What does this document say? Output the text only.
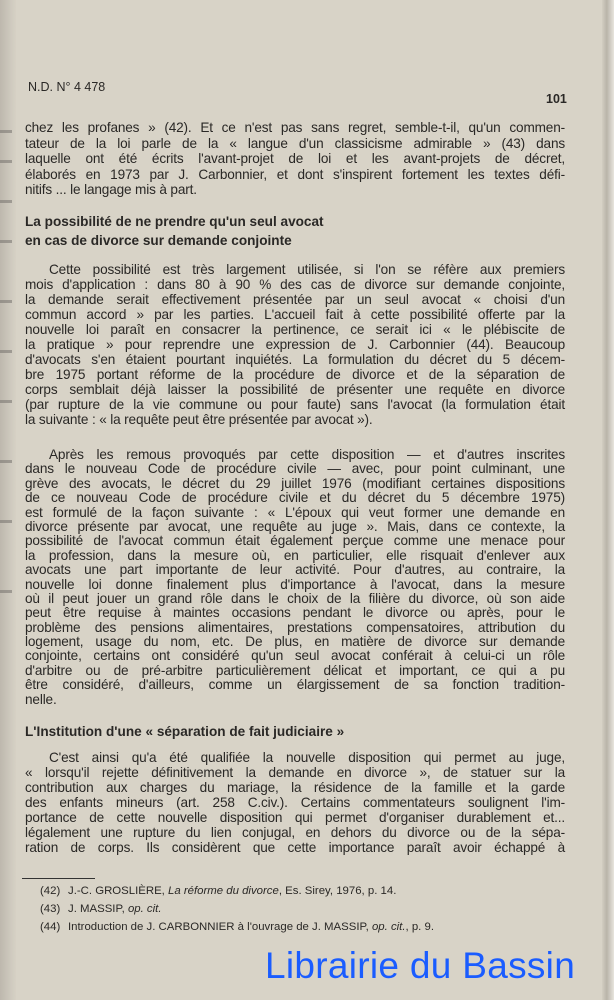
N.D. N° 4 478
101
chez les profanes » (42). Et ce n'est pas sans regret, semble-t-il, qu'un commen-
tateur de la loi parle de la « langue d'un classicisme admirable » (43) dans
laquelle ont été écrits l'avant-projet de loi et les avant-projets de décret,
élaborés en 1973 par J. Carbonnier, et dont s'inspirent fortement les textes défi-
nitifs ... le langage mis à part.
La possibilité de ne prendre qu'un seul avocat
en cas de divorce sur demande conjointe
Cette possibilité est très largement utilisée, si l'on se réfère aux premiers
mois d'application : dans 80 à 90 % des cas de divorce sur demande conjointe,
la demande serait effectivement présentée par un seul avocat « choisi d'un
commun accord » par les parties. L'accueil fait à cette possibilité offerte par la
nouvelle loi paraît en consacrer la pertinence, ce serait ici « le plébiscite de
la pratique » pour reprendre une expression de J. Carbonnier (44). Beaucoup
d'avocats s'en étaient pourtant inquiétés. La formulation du décret du 5 décem-
bre 1975 portant réforme de la procédure de divorce et de la séparation de
corps semblait déjà laisser la possibilité de présenter une requête en divorce
(par rupture de la vie commune ou pour faute) sans l'avocat (la formulation était
la suivante : « la requête peut être présentée par avocat »).
Après les remous provoqués par cette disposition — et d'autres inscrites
dans le nouveau Code de procédure civile — avec, pour point culminant, une
grève des avocats, le décret du 29 juillet 1976 (modifiant certaines dispositions
de ce nouveau Code de procédure civile et du décret du 5 décembre 1975)
est formulé de la façon suivante : « L'époux qui veut former une demande en
divorce présente par avocat, une requête au juge ». Mais, dans ce contexte, la
possibilité de l'avocat commun était également perçue comme une menace pour
la profession, dans la mesure où, en particulier, elle risquait d'enlever aux
avocats une part importante de leur activité. Pour d'autres, au contraire, la
nouvelle loi donne finalement plus d'importance à l'avocat, dans la mesure
où il peut jouer un grand rôle dans le choix de la filière du divorce, où son aide
peut être requise à maintes occasions pendant le divorce ou après, pour le
problème des pensions alimentaires, prestations compensatoires, attribution du
logement, usage du nom, etc. De plus, en matière de divorce sur demande
conjointe, certains ont considéré qu'un seul avocat conférait à celui-ci un rôle
d'arbitre ou de pré-arbitre particulièrement délicat et important, ce qui a pu
être considéré, d'ailleurs, comme un élargissement de sa fonction tradition-
nelle.
L'Institution d'une « séparation de fait judiciaire »
C'est ainsi qu'a été qualifiée la nouvelle disposition qui permet au juge,
« lorsqu'il rejette définitivement la demande en divorce », de statuer sur la
contribution aux charges du mariage, la résidence de la famille et la garde
des enfants mineurs (art. 258 C.civ.). Certains commentateurs soulignent l'im-
portance de cette nouvelle disposition qui permet d'organiser durablement et...
légalement une rupture du lien conjugal, en dehors du divorce ou de la sépa-
ration de corps. Ils considèrent que cette importance paraît avoir échappé à
(42) J.-C. GROSLIÈRE, La réforme du divorce, Es. Sirey, 1976, p. 14.
(43) J. MASSIP, op. cit.
(44) Introduction de J. CARBONNIER à l'ouvrage de J. MASSIP, op. cit., p. 9.
Librairie du Bassin
